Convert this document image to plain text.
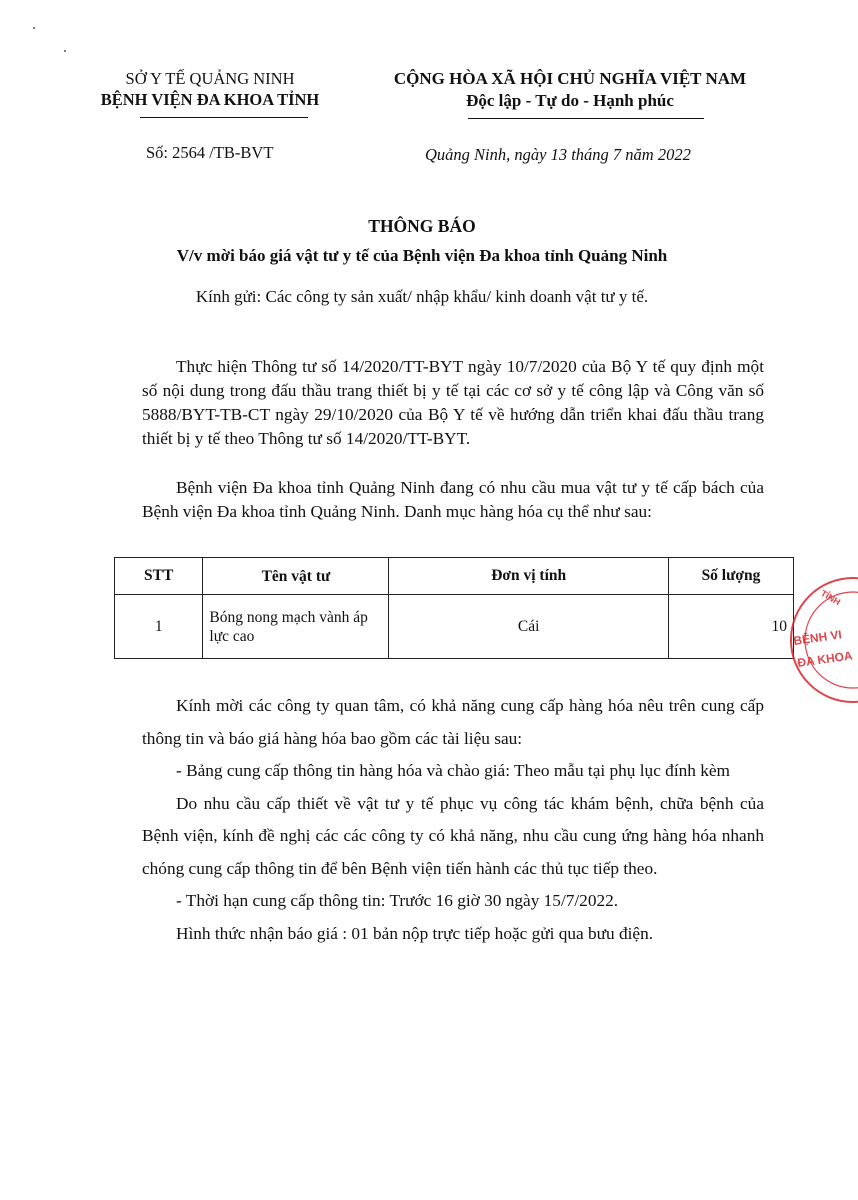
SỞ Y TẾ QUẢNG NINH
BỆNH VIỆN ĐA KHOA TỈNH
CỘNG HÒA XÃ HỘI CHỦ NGHĨA VIỆT NAM
Độc lập - Tự do - Hạnh phúc
Số: 2564 /TB-BVT	Quảng Ninh, ngày 13 tháng 7 năm 2022
THÔNG BÁO
V/v mời báo giá vật tư y tế của Bệnh viện Đa khoa tỉnh Quảng Ninh
Kính gửi: Các công ty sản xuất/ nhập khẩu/ kinh doanh vật tư y tế.
Thực hiện Thông tư số 14/2020/TT-BYT ngày 10/7/2020 của Bộ Y tế quy định một số nội dung trong đấu thầu trang thiết bị y tế tại các cơ sở y tế công lập và Công văn số 5888/BYT-TB-CT ngày 29/10/2020 của Bộ Y tế về hướng dẫn triển khai đấu thầu trang thiết bị y tế theo Thông tư số 14/2020/TT-BYT.
Bệnh viện Đa khoa tỉnh Quảng Ninh đang có nhu cầu mua vật tư y tế cấp bách của Bệnh viện Đa khoa tỉnh Quảng Ninh. Danh mục hàng hóa cụ thể như sau:
STT	Tên vật tư	Đơn vị tính	Số lượng
1	Bóng nong mạch vành áp lực cao	Cái	10
TỈNH
BỆNH VI
ĐA KHOA

Kính mời các công ty quan tâm, có khả năng cung cấp hàng hóa nêu trên cung cấp thông tin và báo giá hàng hóa bao gồm các tài liệu sau:

- Bảng cung cấp thông tin hàng hóa và chào giá: Theo mẫu tại phụ lục đính kèm

Do nhu cầu cấp thiết về vật tư y tế phục vụ công tác khám bệnh, chữa bệnh của Bệnh viện, kính đề nghị các các công ty có khả năng, nhu cầu cung ứng hàng hóa nhanh chóng cung cấp thông tin để bên Bệnh viện tiến hành các thủ tục tiếp theo.

- Thời hạn cung cấp thông tin: Trước 16 giờ 30 ngày 15/7/2022.

Hình thức nhận báo giá : 01 bản nộp trực tiếp hoặc gửi qua bưu điện.
